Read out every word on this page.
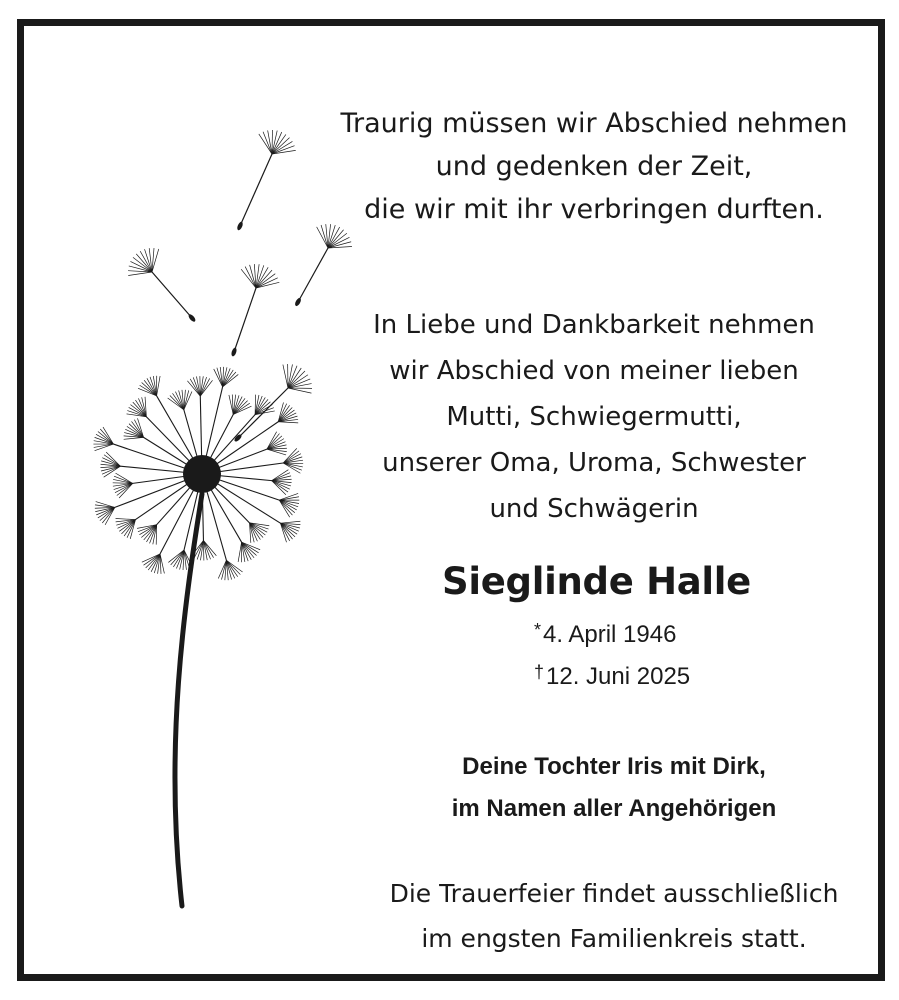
Traurig müssen wir Abschied nehmen
und gedenken der Zeit,
die wir mit ihr verbringen durften.
In Liebe und Dankbarkeit nehmen
wir Abschied von meiner lieben
Mutti, Schwiegermutti,
unserer Oma, Uroma, Schwester
und Schwägerin
Sieglinde Halle
*4. April 1946
†12. Juni 2025
Deine Tochter Iris mit Dirk,
im Namen aller Angehörigen
Die Trauerfeier findet ausschließlich
im engsten Familienkreis statt.
